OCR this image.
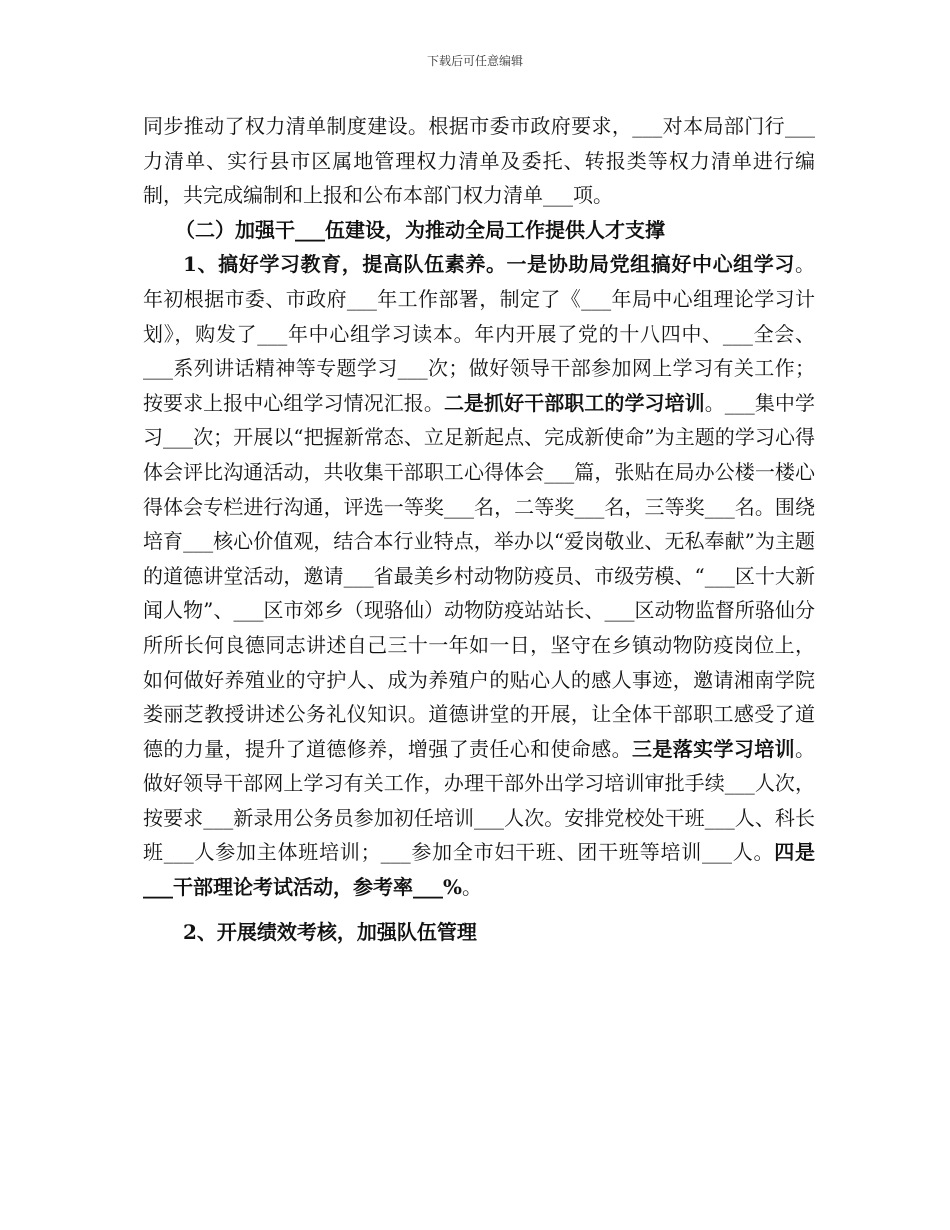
下载后可任意编辑

同步推动了权力清单制度建设。根据市委市政府要求，___对本局部门行___力清单、实行县市区属地管理权力清单及委托、转报类等权力清单进行编制，共完成编制和上报和公布本部门权力清单___项。

（二）加强干___伍建设，为推动全局工作提供人才支撑

1、搞好学习教育，提高队伍素养。一是协助局党组搞好中心组学习。年初根据市委、市政府___年工作部署，制定了《___年局中心组理论学习计划》，购发了___年中心组学习读本。年内开展了党的十八四中、___全会、___系列讲话精神等专题学习___次；做好领导干部参加网上学习有关工作；按要求上报中心组学习情况汇报。二是抓好干部职工的学习培训。___集中学习___次；开展以“把握新常态、立足新起点、完成新使命”为主题的学习心得体会评比沟通活动，共收集干部职工心得体会___篇，张贴在局办公楼一楼心得体会专栏进行沟通，评选一等奖___名，二等奖___名，三等奖___名。围绕培育___核心价值观，结合本行业特点，举办以“爱岗敬业、无私奉献”为主题的道德讲堂活动，邀请___省最美乡村动物防疫员、市级劳模、“___区十大新闻人物”、___区市郊乡（现骆仙）动物防疫站站长、___区动物监督所骆仙分所所长何良德同志讲述自己三十一年如一日，坚守在乡镇动物防疫岗位上，如何做好养殖业的守护人、成为养殖户的贴心人的感人事迹，邀请湘南学院娄丽芝教授讲述公务礼仪知识。道德讲堂的开展，让全体干部职工感受了道德的力量，提升了道德修养，增强了责任心和使命感。三是落实学习培训。做好领导干部网上学习有关工作，办理干部外出学习培训审批手续___人次，按要求___新录用公务员参加初任培训___人次。安排党校处干班___人、科长班___人参加主体班培训；___参加全市妇干班、团干班等培训___人。四是___干部理论考试活动，参考率___%。

2、开展绩效考核，加强队伍管理
